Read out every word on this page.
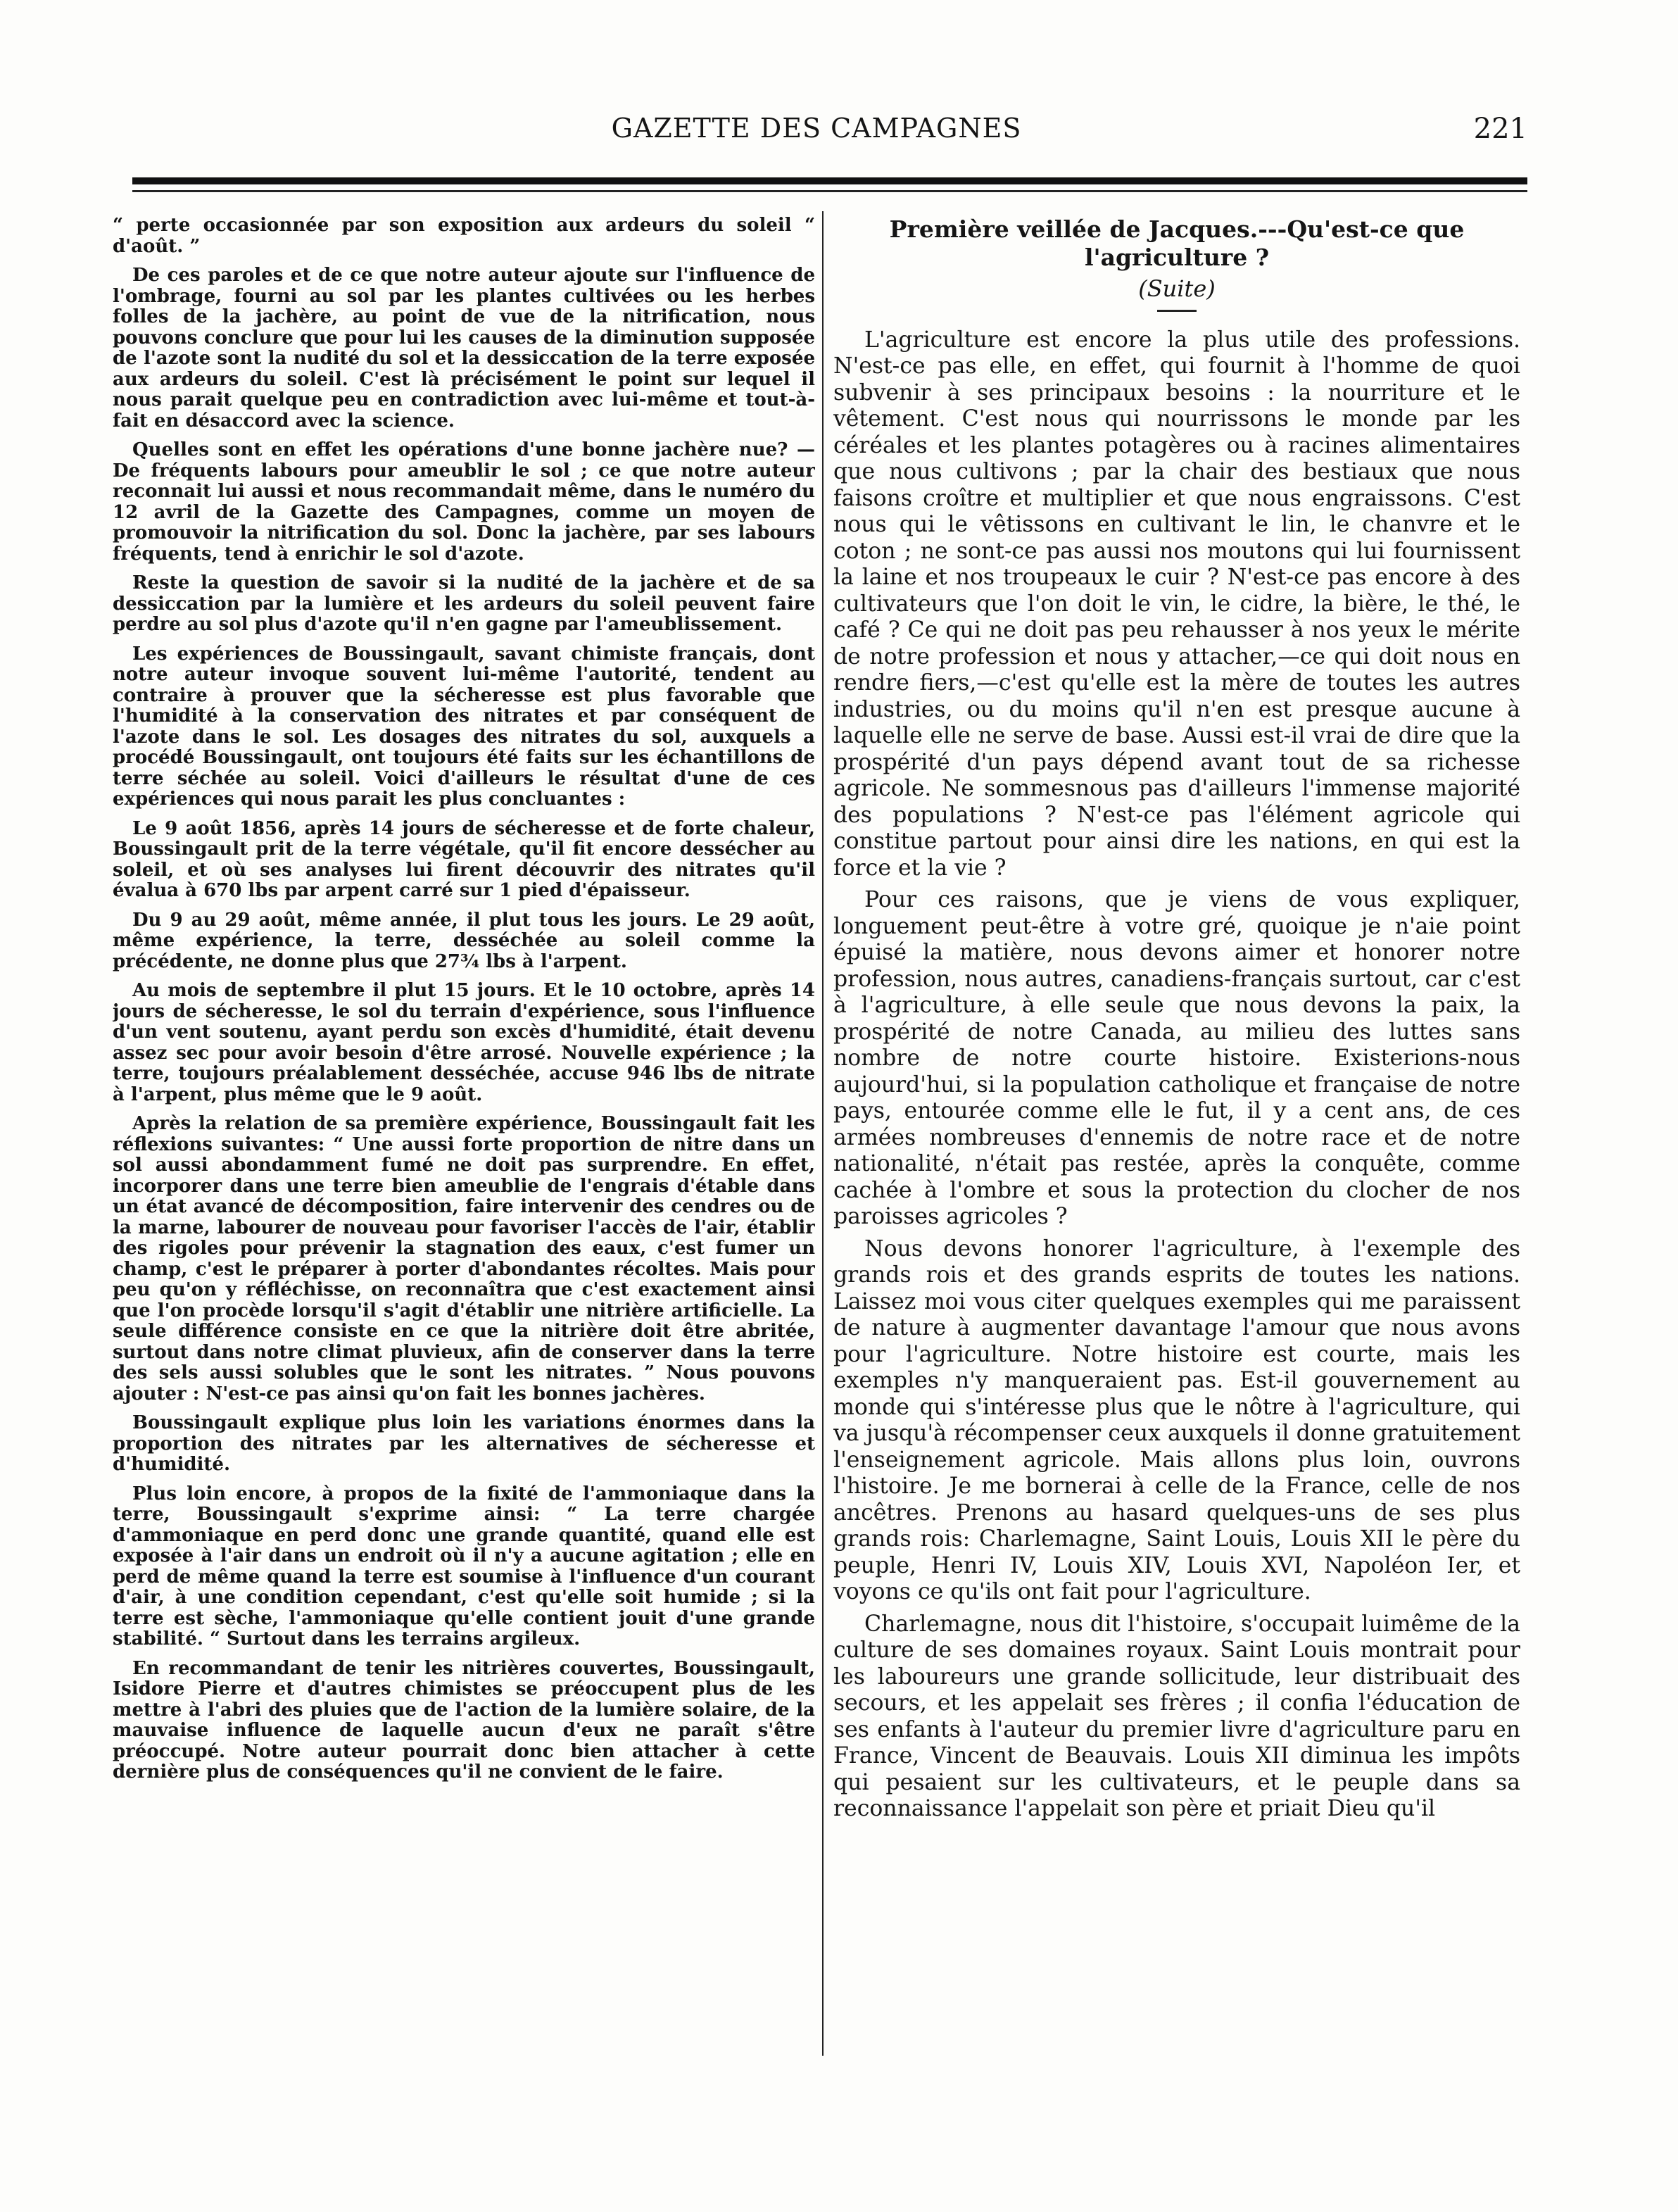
GAZETTE DES CAMPAGNES	221

“ perte occasionnée par son exposition aux ardeurs du soleil “ d'août. ”

De ces paroles et de ce que notre auteur ajoute sur l'influence de l'ombrage, fourni au sol par les plantes cultivées ou les herbes folles de la jachère, au point de vue de la nitrification, nous pouvons conclure que pour lui les causes de la diminution supposée de l'azote sont la nudité du sol et la dessiccation de la terre exposée aux ardeurs du soleil. C'est là précisément le point sur lequel il nous parait quelque peu en contradiction avec lui-même et tout-à-fait en désaccord avec la science.

Quelles sont en effet les opérations d'une bonne jachère nue? —De fréquents labours pour ameublir le sol ; ce que notre auteur reconnait lui aussi et nous recommandait même, dans le numéro du 12 avril de la Gazette des Campagnes, comme un moyen de promouvoir la nitrification du sol. Donc la jachère, par ses labours fréquents, tend à enrichir le sol d'azote.

Reste la question de savoir si la nudité de la jachère et de sa dessiccation par la lumière et les ardeurs du soleil peuvent faire perdre au sol plus d'azote qu'il n'en gagne par l'ameublissement.

Les expériences de Boussingault, savant chimiste français, dont notre auteur invoque souvent lui-même l'autorité, tendent au contraire à prouver que la sécheresse est plus favorable que l'humidité à la conservation des nitrates et par conséquent de l'azote dans le sol. Les dosages des nitrates du sol, auxquels a procédé Boussingault, ont toujours été faits sur les échantillons de terre séchée au soleil. Voici d'ailleurs le résultat d'une de ces expériences qui nous parait les plus concluantes :

Le 9 août 1856, après 14 jours de sécheresse et de forte chaleur, Boussingault prit de la terre végétale, qu'il fit encore dessécher au soleil, et où ses analyses lui firent découvrir des nitrates qu'il évalua à 670 lbs par arpent carré sur 1 pied d'épaisseur.

Du 9 au 29 août, même année, il plut tous les jours. Le 29 août, même expérience, la terre, desséchée au soleil comme la précédente, ne donne plus que 27¾ lbs à l'arpent.

Au mois de septembre il plut 15 jours. Et le 10 octobre, après 14 jours de sécheresse, le sol du terrain d'expérience, sous l'influence d'un vent soutenu, ayant perdu son excès d'humidité, était devenu assez sec pour avoir besoin d'être arrosé. Nouvelle expérience ; la terre, toujours préalablement desséchée, accuse 946 lbs de nitrate à l'arpent, plus même que le 9 août.

Après la relation de sa première expérience, Boussingault fait les réflexions suivantes: “ Une aussi forte proportion de nitre dans un sol aussi abondamment fumé ne doit pas surprendre. En effet, incorporer dans une terre bien ameublie de l'engrais d'étable dans un état avancé de décomposition, faire intervenir des cendres ou de la marne, labourer de nouveau pour favoriser l'accès de l'air, établir des rigoles pour prévenir la stagnation des eaux, c'est fumer un champ, c'est le préparer à porter d'abondantes récoltes. Mais pour peu qu'on y réfléchisse, on reconnaîtra que c'est exactement ainsi que l'on procède lorsqu'il s'agit d'établir une nitrière artificielle. La seule différence consiste en ce que la nitrière doit être abritée, surtout dans notre climat pluvieux, afin de conserver dans la terre des sels aussi solubles que le sont les nitrates. ” Nous pouvons ajouter : N'est-ce pas ainsi qu'on fait les bonnes jachères.

Boussingault explique plus loin les variations énormes dans la proportion des nitrates par les alternatives de sécheresse et d'humidité.

Plus loin encore, à propos de la fixité de l'ammoniaque dans la terre, Boussingault s'exprime ainsi: “ La terre chargée d'ammoniaque en perd donc une grande quantité, quand elle est exposée à l'air dans un endroit où il n'y a aucune agitation ; elle en perd de même quand la terre est soumise à l'influence d'un courant d'air, à une condition cependant, c'est qu'elle soit humide ; si la terre est sèche, l'ammoniaque qu'elle contient jouit d'une grande stabilité. “ Surtout dans les terrains argileux.

En recommandant de tenir les nitrières couvertes, Boussingault, Isidore Pierre et d'autres chimistes se préoccupent plus de les mettre à l'abri des pluies que de l'action de la lumière solaire, de la mauvaise influence de laquelle aucun d'eux ne paraît s'être préoccupé. Notre auteur pourrait donc bien attacher à cette dernière plus de conséquences qu'il ne convient de le faire.

Première veillée de Jacques.---Qu'est-ce que l'agriculture ?
(Suite)

L'agriculture est encore la plus utile des professions. N'est-ce pas elle, en effet, qui fournit à l'homme de quoi subvenir à ses principaux besoins : la nourriture et le vêtement. C'est nous qui nourrissons le monde par les céréales et les plantes potagères ou à racines alimentaires que nous cultivons ; par la chair des bestiaux que nous faisons croître et multiplier et que nous engraissons. C'est nous qui le vêtissons en cultivant le lin, le chanvre et le coton ; ne sont-ce pas aussi nos moutons qui lui fournissent la laine et nos troupeaux le cuir ? N'est-ce pas encore à des cultivateurs que l'on doit le vin, le cidre, la bière, le thé, le café ? Ce qui ne doit pas peu rehausser à nos yeux le mérite de notre profession et nous y attacher,—ce qui doit nous en rendre fiers,—c'est qu'elle est la mère de toutes les autres industries, ou du moins qu'il n'en est presque aucune à laquelle elle ne serve de base. Aussi est-il vrai de dire que la prospérité d'un pays dépend avant tout de sa richesse agricole. Ne sommesnous pas d'ailleurs l'immense majorité des populations ? N'est-ce pas l'élément agricole qui constitue partout pour ainsi dire les nations, en qui est la force et la vie ?

Pour ces raisons, que je viens de vous expliquer, longuement peut-être à votre gré, quoique je n'aie point épuisé la matière, nous devons aimer et honorer notre profession, nous autres, canadiens-français surtout, car c'est à l'agriculture, à elle seule que nous devons la paix, la prospérité de notre Canada, au milieu des luttes sans nombre de notre courte histoire. Existerions-nous aujourd'hui, si la population catholique et française de notre pays, entourée comme elle le fut, il y a cent ans, de ces armées nombreuses d'ennemis de notre race et de notre nationalité, n'était pas restée, après la conquête, comme cachée à l'ombre et sous la protection du clocher de nos paroisses agricoles ?

Nous devons honorer l'agriculture, à l'exemple des grands rois et des grands esprits de toutes les nations. Laissez moi vous citer quelques exemples qui me paraissent de nature à augmenter davantage l'amour que nous avons pour l'agriculture. Notre histoire est courte, mais les exemples n'y manqueraient pas. Est-il gouvernement au monde qui s'intéresse plus que le nôtre à l'agriculture, qui va jusqu'à récompenser ceux auxquels il donne gratuitement l'enseignement agricole. Mais allons plus loin, ouvrons l'histoire. Je me bornerai à celle de la France, celle de nos ancêtres. Prenons au hasard quelques-uns de ses plus grands rois: Charlemagne, Saint Louis, Louis XII le père du peuple, Henri IV, Louis XIV, Louis XVI, Napoléon Ier, et voyons ce qu'ils ont fait pour l'agriculture.

Charlemagne, nous dit l'histoire, s'occupait luimême de la culture de ses domaines royaux. Saint Louis montrait pour les laboureurs une grande sollicitude, leur distribuait des secours, et les appelait ses frères ; il confia l'éducation de ses enfants à l'auteur du premier livre d'agriculture paru en France, Vincent de Beauvais. Louis XII diminua les impôts qui pesaient sur les cultivateurs, et le peuple dans sa reconnaissance l'appelait son père et priait Dieu qu'il
